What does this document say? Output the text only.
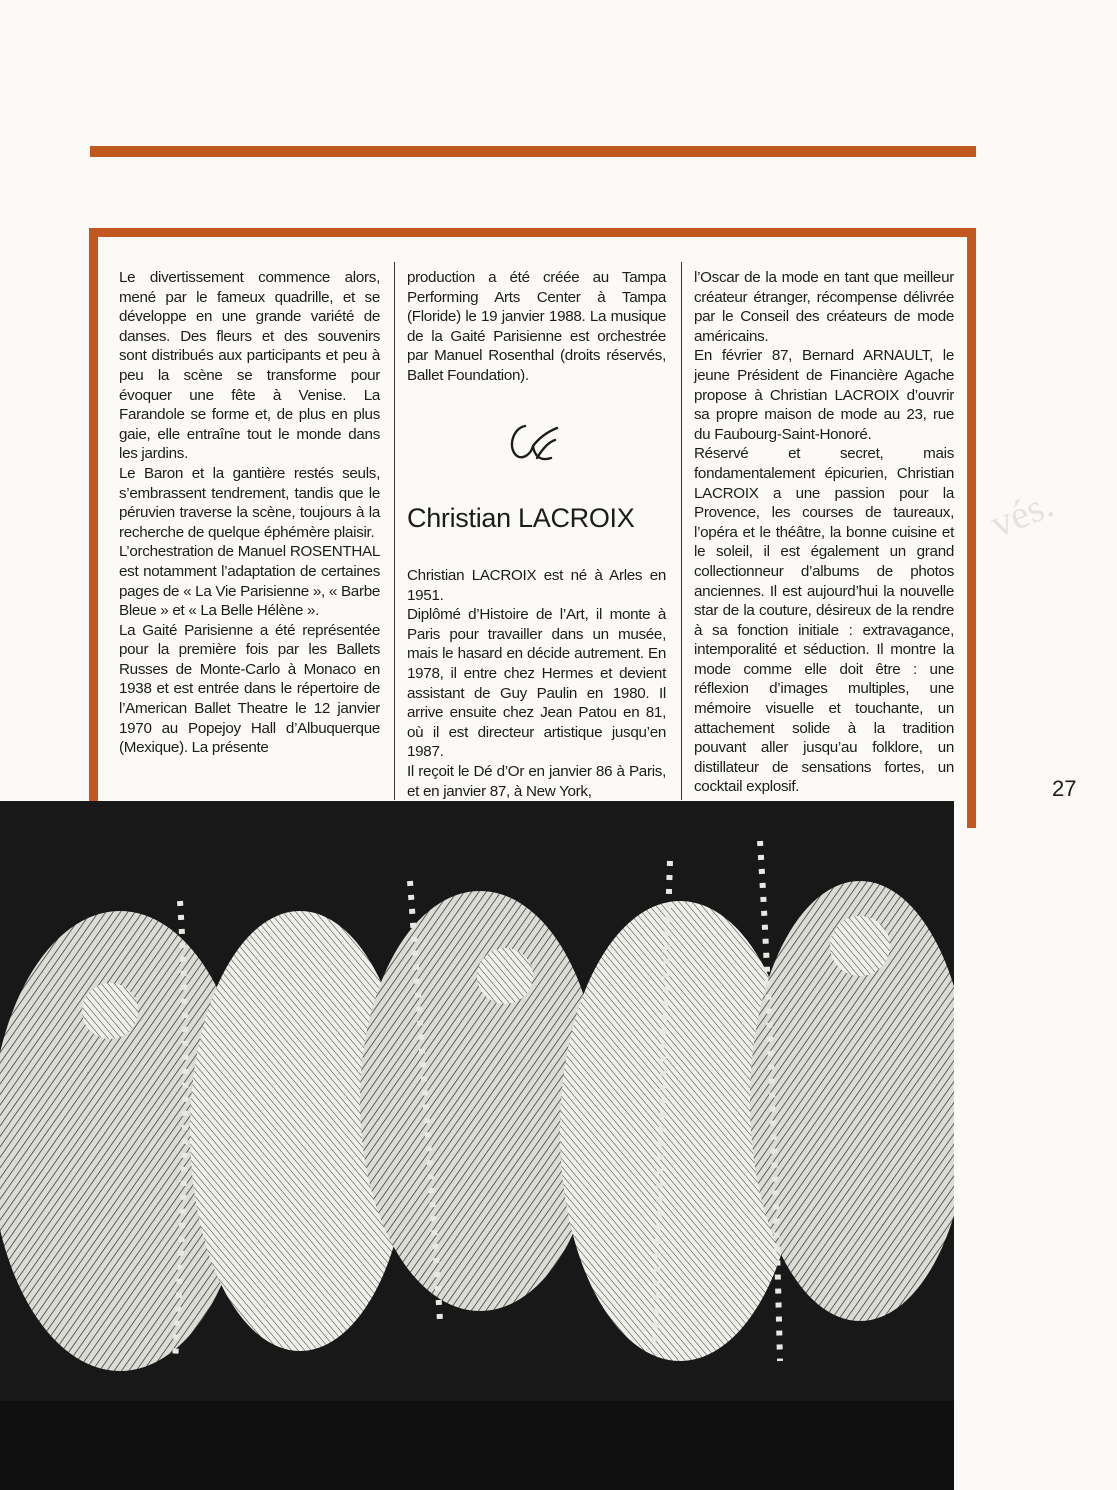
Le divertissement commence alors, mené par le fameux quadrille, et se développe en une grande variété de danses. Des fleurs et des souvenirs sont distribués aux participants et peu à peu la scène se transforme pour évoquer une fête à Venise. La Farandole se forme et, de plus en plus gaie, elle entraîne tout le monde dans les jardins.

Le Baron et la gantière restés seuls, s’embrassent tendrement, tandis que le péruvien traverse la scène, toujours à la recherche de quelque éphémère plaisir.

L’orchestration de Manuel ROSENTHAL est notamment l’adaptation de certaines pages de « La Vie Parisienne », « Barbe Bleue » et « La Belle Hélène ».

La Gaité Parisienne a été représentée pour la première fois par les Ballets Russes de Monte-Carlo à Monaco en 1938 et est entrée dans le répertoire de l’American Ballet Theatre le 12 janvier 1970 au Popejoy Hall d’Albuquerque (Mexique). La présente

production a été créée au Tampa Performing Arts Center à Tampa (Floride) le 19 janvier 1988. La musique de la Gaité Parisienne est orchestrée par Manuel Rosenthal (droits réservés, Ballet Foundation).

Christian LACROIX

Christian LACROIX est né à Arles en 1951.

Diplômé d’Histoire de l’Art, il monte à Paris pour travailler dans un musée, mais le hasard en décide autrement. En 1978, il entre chez Hermes et devient assistant de Guy Paulin en 1980. Il arrive ensuite chez Jean Patou en 81, où il est directeur artistique jusqu’en 1987.

Il reçoit le Dé d’Or en janvier 86 à Paris, et en janvier 87, à New York,

l’Oscar de la mode en tant que meilleur créateur étranger, récompense délivrée par le Conseil des créateurs de mode américains.

En février 87, Bernard ARNAULT, le jeune Président de Financière Agache propose à Christian LACROIX d’ouvrir sa propre maison de mode au 23, rue du Faubourg-Saint-Honoré.

Réservé et secret, mais fondamentalement épicurien, Christian LACROIX a une passion pour la Provence, les courses de taureaux, l’opéra et le théâtre, la bonne cuisine et le soleil, il est également un grand collectionneur d’albums de photos anciennes. Il est aujourd’hui la nouvelle star de la couture, désireux de la rendre à sa fonction initiale : extravagance, intemporalité et séduction. Il montre la mode comme elle doit être : une réflexion d’images multiples, une mémoire visuelle et touchante, un attachement solide à la tradition pouvant aller jusqu’au folklore, un distillateur de sensations fortes, un cocktail explosif.	27
vés.
